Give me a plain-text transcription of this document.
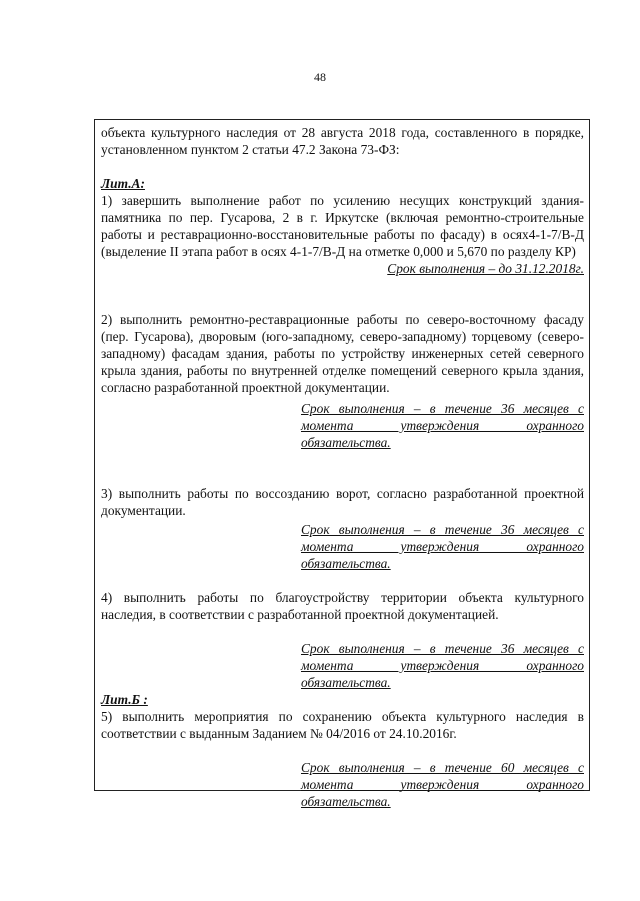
48

объекта культурного наследия от 28 августа 2018 года, составленного в порядке, установленном пунктом 2 статьи 47.2 Закона 73-ФЗ:

Лит.А:

1) завершить выполнение работ по усилению несущих конструкций здания-памятника по пер. Гусарова, 2 в г. Иркутске (включая ремонтно-строительные работы и реставрационно-восстановительные работы по фасаду) в осях4-1-7/В-Д (выделение II этапа работ в осях 4-1-7/В-Д на отметке 0,000 и 5,670 по разделу КР)

Срок выполнения – до 31.12.2018г.

2) выполнить ремонтно-реставрационные работы по северо-восточному фасаду (пер. Гусарова), дворовым (юго-западному, северо-западному) торцевому (северо-западному) фасадам здания, работы по устройству инженерных сетей северного крыла здания, работы по внутренней отделке помещений северного крыла здания, согласно разработанной проектной документации.

Срок выполнения – в течение 36 месяцев с момента утверждения охранного обязательства.

3) выполнить работы по воссозданию ворот, согласно разработанной проектной документации.

Срок выполнения – в течение 36 месяцев с момента утверждения охранного обязательства.

4) выполнить работы по благоустройству территории объекта культурного наследия, в соответствии с разработанной проектной документацией.

Срок выполнения – в течение 36 месяцев с момента утверждения охранного обязательства.

Лит.Б :

5) выполнить мероприятия по сохранению объекта культурного наследия в соответствии с выданным Заданием № 04/2016 от 24.10.2016г.

Срок выполнения – в течение 60 месяцев с момента утверждения охранного обязательства.
